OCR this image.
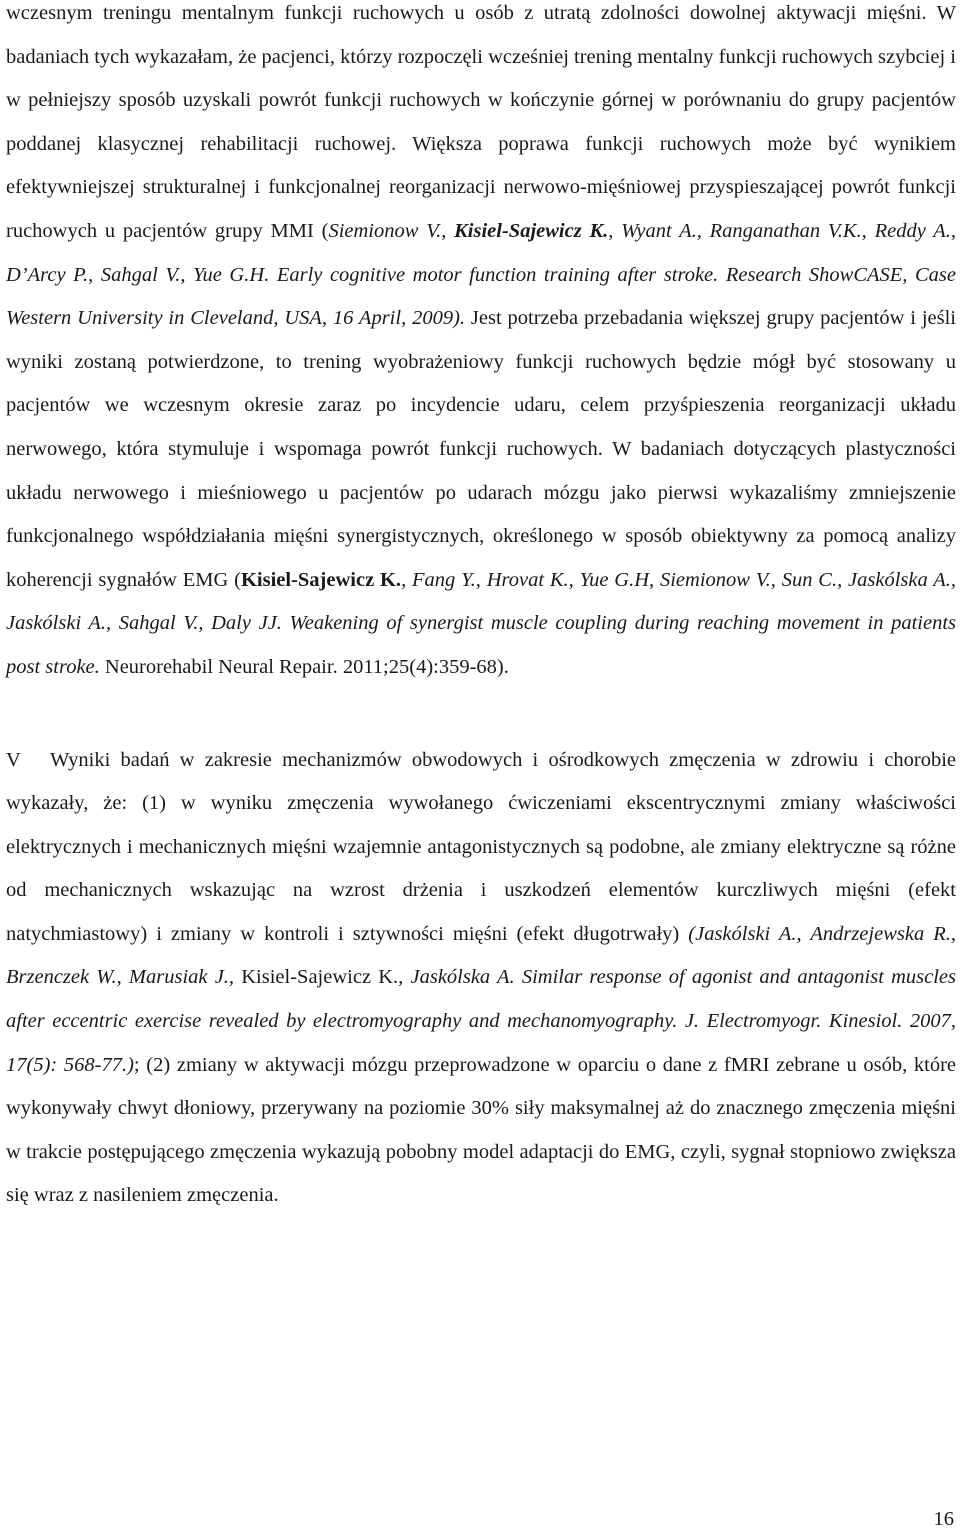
wczesnym treningu mentalnym funkcji ruchowych u osób z utratą zdolności dowolnej aktywacji mięśni. W badaniach tych wykazałam, że pacjenci, którzy rozpoczęli wcześniej trening mentalny funkcji ruchowych szybciej i w pełniejszy sposób uzyskali powrót funkcji ruchowych w kończynie górnej w porównaniu do grupy pacjentów poddanej klasycznej rehabilitacji ruchowej. Większa poprawa funkcji ruchowych może być wynikiem efektywniejszej strukturalnej i funkcjonalnej reorganizacji nerwowo-mięśniowej przyspieszającej powrót funkcji ruchowych u pacjentów grupy MMI (Siemionow V., Kisiel-Sajewicz K., Wyant A., Ranganathan V.K., Reddy A., D’Arcy P., Sahgal V., Yue G.H. Early cognitive motor function training after stroke. Research ShowCASE, Case Western University in Cleveland, USA, 16 April, 2009). Jest potrzeba przebadania większej grupy pacjentów i jeśli wyniki zostaną potwierdzone, to trening wyobrażeniowy funkcji ruchowych będzie mógł być stosowany u pacjentów we wczesnym okresie zaraz po incydencie udaru, celem przyśpieszenia reorganizacji układu nerwowego, która stymuluje i wspomaga powrót funkcji ruchowych. W badaniach dotyczących plastyczności układu nerwowego i mieśniowego u pacjentów po udarach mózgu jako pierwsi wykazaliśmy zmniejszenie funkcjonalnego współdziałania mięśni synergistycznych, określonego w sposób obiektywny za pomocą analizy koherencji sygnałów EMG (Kisiel-Sajewicz K., Fang Y., Hrovat K., Yue G.H, Siemionow V., Sun C., Jaskólska A., Jaskólski A., Sahgal V., Daly JJ. Weakening of synergist muscle coupling during reaching movement in patients post stroke. Neurorehabil Neural Repair. 2011;25(4):359-68).

V Wyniki badań w zakresie mechanizmów obwodowych i ośrodkowych zmęczenia w zdrowiu i chorobie wykazały, że: (1) w wyniku zmęczenia wywołanego ćwiczeniami ekscentrycznymi zmiany właściwości elektrycznych i mechanicznych mięśni wzajemnie antagonistycznych są podobne, ale zmiany elektryczne są różne od mechanicznych wskazując na wzrost drżenia i uszkodzeń elementów kurczliwych mięśni (efekt natychmiastowy) i zmiany w kontroli i sztywności mięśni (efekt długotrwały) (Jaskólski A., Andrzejewska R., Brzenczek W., Marusiak J., Kisiel-Sajewicz K., Jaskólska A. Similar response of agonist and antagonist muscles after eccentric exercise revealed by electromyography and mechanomyography. J. Electromyogr. Kinesiol. 2007, 17(5): 568-77.); (2) zmiany w aktywacji mózgu przeprowadzone w oparciu o dane z fMRI zebrane u osób, które wykonywały chwyt dłoniowy, przerywany na poziomie 30% siły maksymalnej aż do znacznego zmęczenia mięśni w trakcie postępującego zmęczenia wykazują pobobny model adaptacji do EMG, czyli, sygnał stopniowo zwiększa się wraz z nasileniem zmęczenia.

16
